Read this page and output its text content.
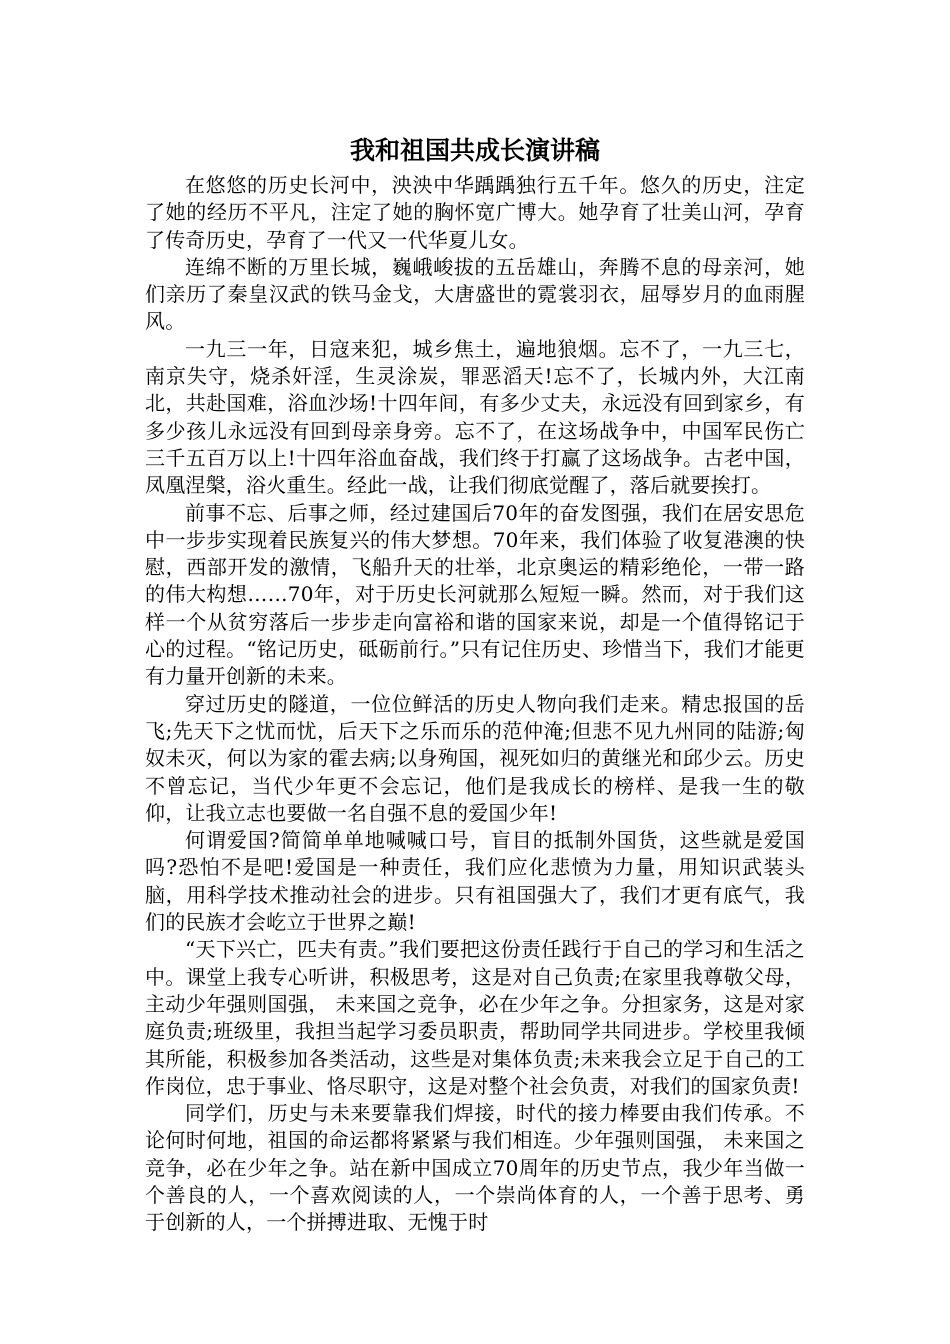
我和祖国共成长演讲稿

在悠悠的历史长河中，泱泱中华踽踽独行五千年。悠久的历史，注定了她的经历不平凡，注定了她的胸怀宽广博大。她孕育了壮美山河，孕育了传奇历史，孕育了一代又一代华夏儿女。

连绵不断的万里长城，巍峨峻拔的五岳雄山，奔腾不息的母亲河，她们亲历了秦皇汉武的铁马金戈，大唐盛世的霓裳羽衣，屈辱岁月的血雨腥风。

一九三一年，日寇来犯，城乡焦土，遍地狼烟。忘不了，一九三七，南京失守，烧杀奸淫，生灵涂炭，罪恶滔天!忘不了，长城内外，大江南北，共赴国难，浴血沙场!十四年间，有多少丈夫，永远没有回到家乡，有多少孩儿永远没有回到母亲身旁。忘不了，在这场战争中，中国军民伤亡三千五百万以上!十四年浴血奋战，我们终于打赢了这场战争。古老中国，凤凰涅槃，浴火重生。经此一战，让我们彻底觉醒了，落后就要挨打。

前事不忘、后事之师，经过建国后70年的奋发图强，我们在居安思危中一步步实现着民族复兴的伟大梦想。70年来，我们体验了收复港澳的快慰，西部开发的激情，飞船升天的壮举，北京奥运的精彩绝伦，一带一路的伟大构想……70年，对于历史长河就那么短短一瞬。然而，对于我们这样一个从贫穷落后一步步走向富裕和谐的国家来说，却是一个值得铭记于心的过程。“铭记历史，砥砺前行。”只有记住历史、珍惜当下，我们才能更有力量开创新的未来。

穿过历史的隧道，一位位鲜活的历史人物向我们走来。精忠报国的岳飞;先天下之忧而忧，后天下之乐而乐的范仲淹;但悲不见九州同的陆游;匈奴未灭，何以为家的霍去病;以身殉国，视死如归的黄继光和邱少云。历史不曾忘记，当代少年更不会忘记，他们是我成长的榜样、是我一生的敬仰，让我立志也要做一名自强不息的爱国少年!

何谓爱国?简简单单地喊喊口号，盲目的抵制外国货，这些就是爱国吗?恐怕不是吧!爱国是一种责任，我们应化悲愤为力量，用知识武装头脑，用科学技术推动社会的进步。只有祖国强大了，我们才更有底气，我们的民族才会屹立于世界之巅!

“天下兴亡，匹夫有责。”我们要把这份责任践行于自己的学习和生活之中。课堂上我专心听讲，积极思考，这是对自己负责;在家里我尊敬父母，主动少年强则国强， 未来国之竞争，必在少年之争。分担家务，这是对家庭负责;班级里，我担当起学习委员职责，帮助同学共同进步。学校里我倾其所能，积极参加各类活动，这些是对集体负责;未来我会立足于自己的工作岗位，忠于事业、恪尽职守，这是对整个社会负责，对我们的国家负责!

同学们，历史与未来要靠我们焊接，时代的接力棒要由我们传承。不论何时何地，祖国的命运都将紧紧与我们相连。少年强则国强， 未来国之竞争，必在少年之争。站在新中国成立70周年的历史节点，我少年当做一个善良的人，一个喜欢阅读的人，一个崇尚体育的人，一个善于思考、勇于创新的人，一个拼搏进取、无愧于时
